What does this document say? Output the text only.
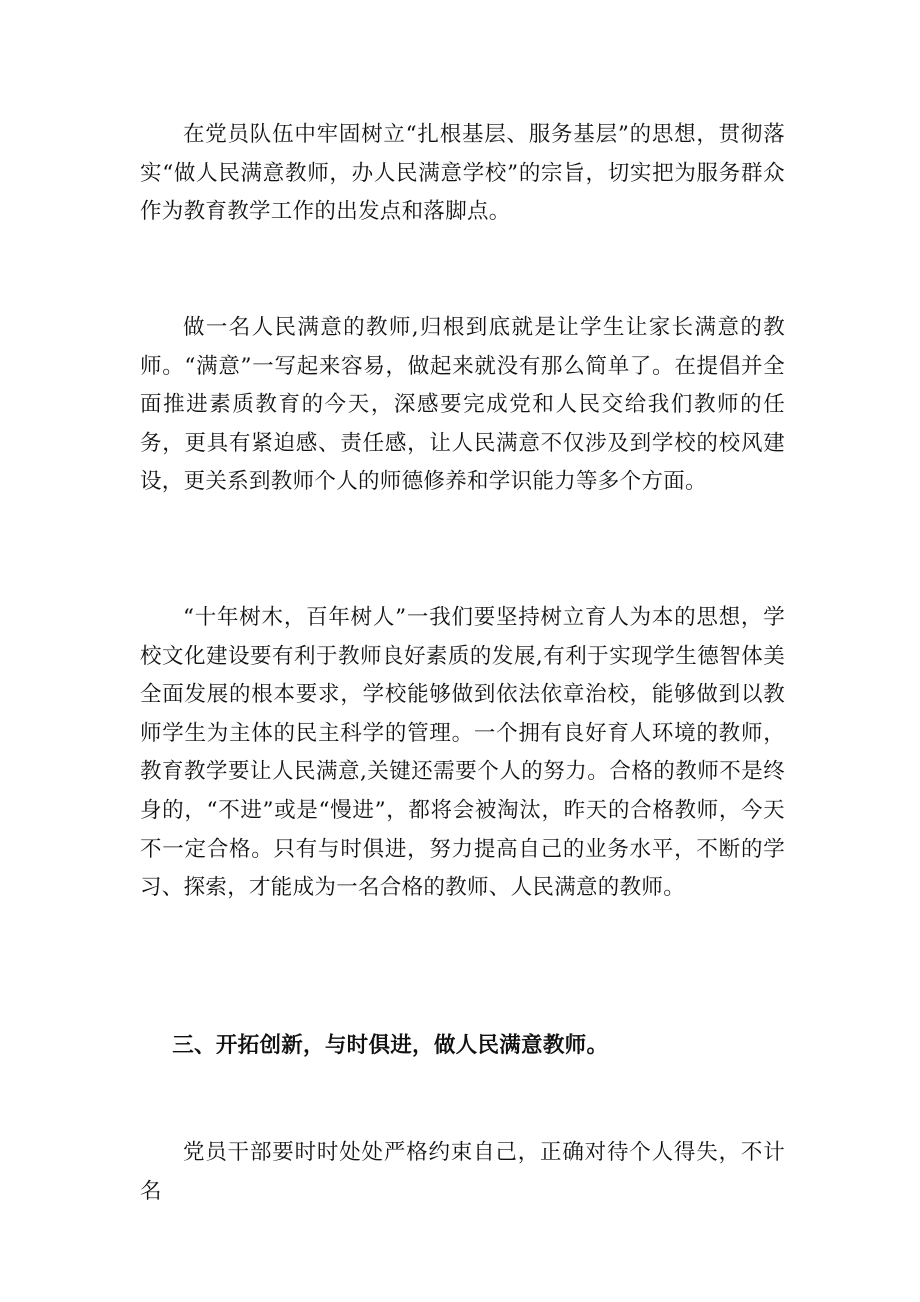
在党员队伍中牢固树立“扎根基层、服务基层”的思想，贯彻落实“做人民满意教师，办人民满意学校”的宗旨，切实把为服务群众作为教育教学工作的出发点和落脚点。

做一名人民满意的教师,归根到底就是让学生让家长满意的教师。“满意”一写起来容易，做起来就没有那么简单了。在提倡并全面推进素质教育的今天，深感要完成党和人民交给我们教师的任务，更具有紧迫感、责任感，让人民满意不仅涉及到学校的校风建设，更关系到教师个人的师德修养和学识能力等多个方面。

“十年树木，百年树人”一我们要坚持树立育人为本的思想，学校文化建设要有利于教师良好素质的发展,有利于实现学生德智体美全面发展的根本要求，学校能够做到依法依章治校，能够做到以教师学生为主体的民主科学的管理。一个拥有良好育人环境的教师，教育教学要让人民满意,关键还需要个人的努力。合格的教师不是终身的，“不进”或是“慢进”，都将会被淘汰，昨天的合格教师，今天不一定合格。只有与时俱进，努力提高自己的业务水平，不断的学习、探索，才能成为一名合格的教师、人民满意的教师。

三、开拓创新，与时俱进，做人民满意教师。

党员干部要时时处处严格约束自己，正确对待个人得失，不计名
